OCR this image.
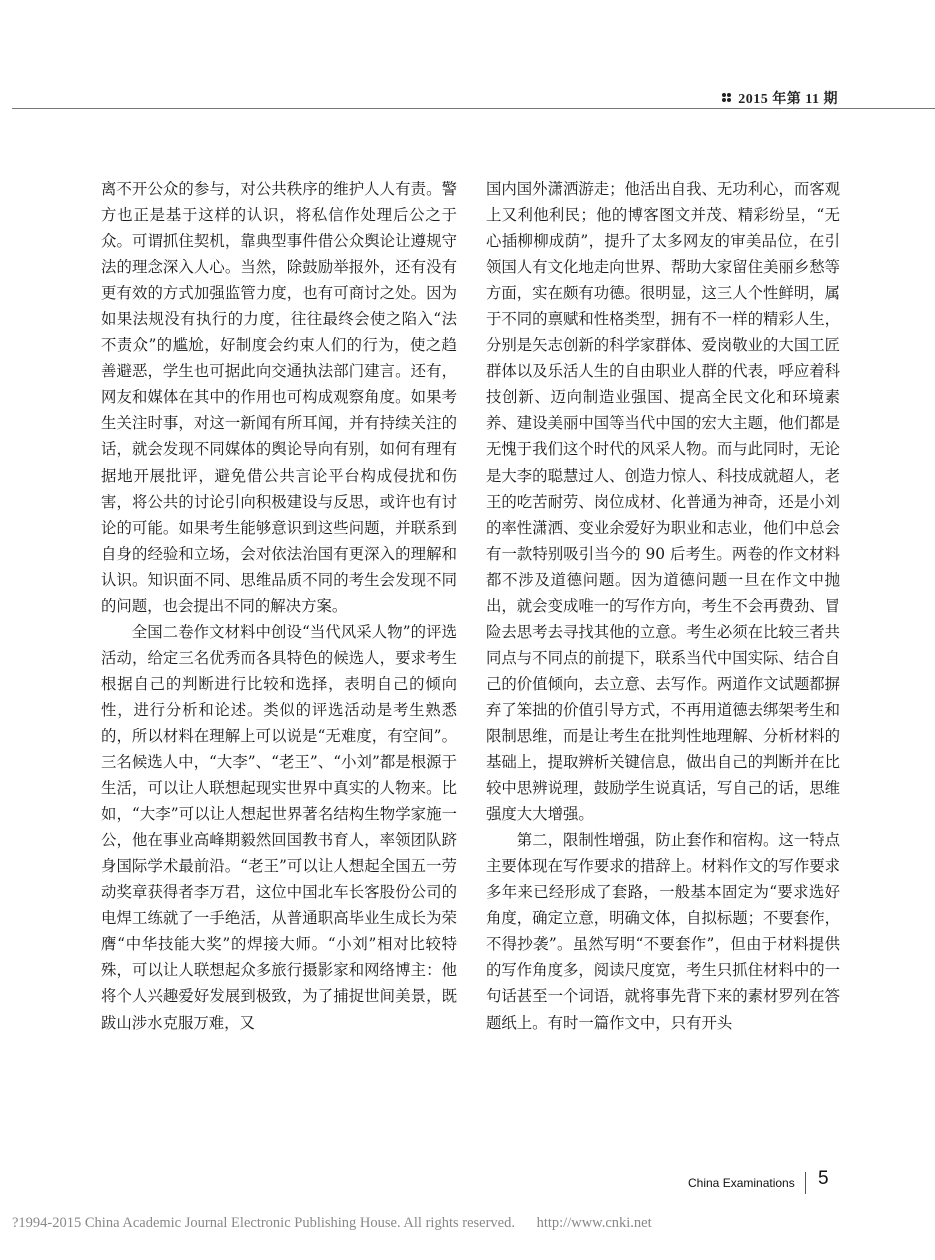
2015 年第 11 期

离不开公众的参与，对公共秩序的维护人人有责。警方也正是基于这样的认识，将私信作处理后公之于众。可谓抓住契机，靠典型事件借公众舆论让遵规守法的理念深入人心。当然，除鼓励举报外，还有没有更有效的方式加强监管力度，也有可商讨之处。因为如果法规没有执行的力度，往往最终会使之陷入“法不责众”的尴尬，好制度会约束人们的行为，使之趋善避恶，学生也可据此向交通执法部门建言。还有，网友和媒体在其中的作用也可构成观察角度。如果考生关注时事，对这一新闻有所耳闻，并有持续关注的话，就会发现不同媒体的舆论导向有别，如何有理有据地开展批评，避免借公共言论平台构成侵扰和伤害，将公共的讨论引向积极建设与反思，或许也有讨论的可能。如果考生能够意识到这些问题，并联系到自身的经验和立场，会对依法治国有更深入的理解和认识。知识面不同、思维品质不同的考生会发现不同的问题，也会提出不同的解决方案。

全国二卷作文材料中创设“当代风采人物”的评选活动，给定三名优秀而各具特色的候选人，要求考生根据自己的判断进行比较和选择，表明自己的倾向性，进行分析和论述。类似的评选活动是考生熟悉的，所以材料在理解上可以说是“无难度，有空间”。三名候选人中，“大李”、“老王”、“小刘”都是根源于生活，可以让人联想起现实世界中真实的人物来。比如，“大李”可以让人想起世界著名结构生物学家施一公，他在事业高峰期毅然回国教书育人，率领团队跻身国际学术最前沿。“老王”可以让人想起全国五一劳动奖章获得者李万君，这位中国北车长客股份公司的电焊工练就了一手绝活，从普通职高毕业生成长为荣膺“中华技能大奖”的焊接大师。“小刘”相对比较特殊，可以让人联想起众多旅行摄影家和网络博主：他将个人兴趣爱好发展到极致，为了捕捉世间美景，既跋山涉水克服万难，又

国内国外潇洒游走；他活出自我、无功利心，而客观上又利他利民；他的博客图文并茂、精彩纷呈，“无心插柳柳成荫”，提升了太多网友的审美品位，在引领国人有文化地走向世界、帮助大家留住美丽乡愁等方面，实在颇有功德。很明显，这三人个性鲜明，属于不同的禀赋和性格类型，拥有不一样的精彩人生，分别是矢志创新的科学家群体、爱岗敬业的大国工匠群体以及乐活人生的自由职业人群的代表，呼应着科技创新、迈向制造业强国、提高全民文化和环境素养、建设美丽中国等当代中国的宏大主题，他们都是无愧于我们这个时代的风采人物。而与此同时，无论是大李的聪慧过人、创造力惊人、科技成就超人，老王的吃苦耐劳、岗位成材、化普通为神奇，还是小刘的率性潇洒、变业余爱好为职业和志业，他们中总会有一款特别吸引当今的 90 后考生。两卷的作文材料都不涉及道德问题。因为道德问题一旦在作文中抛出，就会变成唯一的写作方向，考生不会再费劲、冒险去思考去寻找其他的立意。考生必须在比较三者共同点与不同点的前提下，联系当代中国实际、结合自己的价值倾向，去立意、去写作。两道作文试题都摒弃了笨拙的价值引导方式，不再用道德去绑架考生和限制思维，而是让考生在批判性地理解、分析材料的基础上，提取辨析关键信息，做出自己的判断并在比较中思辨说理，鼓励学生说真话，写自己的话，思维强度大大增强。

第二，限制性增强，防止套作和宿构。这一特点主要体现在写作要求的措辞上。材料作文的写作要求多年来已经形成了套路，一般基本固定为“要求选好角度，确定立意，明确文体，自拟标题；不要套作，不得抄袭”。虽然写明“不要套作”，但由于材料提供的写作角度多，阅读尺度宽，考生只抓住材料中的一句话甚至一个词语，就将事先背下来的素材罗列在答题纸上。有时一篇作文中，只有开头

China Examinations 5
?1994-2015 China Academic Journal Electronic Publishing House. All rights reserved. http://www.cnki.net
